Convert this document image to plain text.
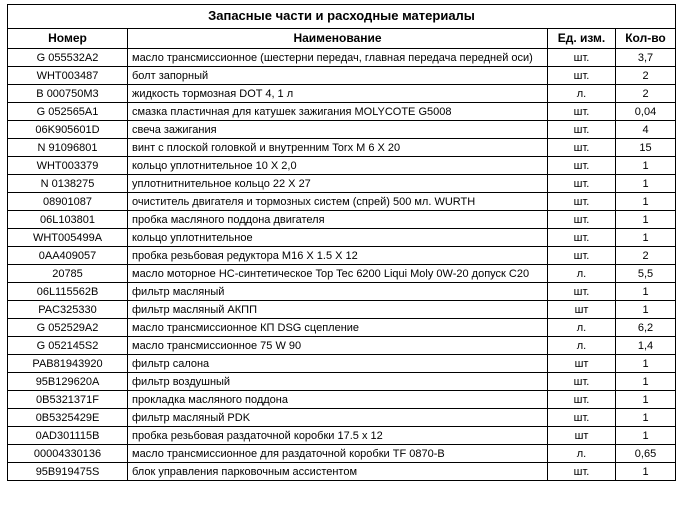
Запасные части и расходные материалы			
Номер	Наименование	Ед. изм.	Кол-во
G 055532A2	масло трансмиссионное (шестерни передач, главная передача передней оси)	шт.	3,7
WHT003487	болт запорный	шт.	2
B 000750M3	жидкость тормозная DOT 4, 1 л	л.	2
G 052565A1	смазка пластичная для катушек зажигания MOLYCOTE G5008	шт.	0,04
06K905601D	свеча зажигания	шт.	4
N 91096801	винт с плоской головкой и внутренним Torx М 6 Х 20	шт.	15
WHT003379	кольцо уплотнительное 10 Х 2,0	шт.	1
N 0138275	уплотнитнительное кольцо 22 Х 27	шт.	1
08901087	очиститель двигателя и тормозных систем (спрей) 500 мл. WURTH	шт.	1
06L103801	пробка масляного поддона двигателя	шт.	1
WHT005499A	кольцо уплотнительное	шт.	1
0AA409057	пробка резьбовая редуктора M16 X 1.5 X 12	шт.	2
20785	масло моторное НС-синтетическое Top Tec 6200 Liqui Moly 0W-20 допуск С20	л.	5,5
06L115562B	фильтр масляный	шт.	1
PAC325330	фильтр масляный АКПП	шт	1
G 052529A2	масло трансмиссионное КП DSG сцепление	л.	6,2
G 052145S2	масло трансмиссионное 75 W 90	л.	1,4
PAB81943920	фильтр салона	шт	1
95B129620A	фильтр воздушный	шт.	1
0B5321371F	прокладка масляного поддона	шт.	1
0B5325429E	фильтр масляный PDK	шт.	1
0AD301115B	пробка резьбовая раздаточной коробки 17.5 х 12	шт	1
00004330136	масло трансмиссионное для раздаточной коробки TF 0870-B	л.	0,65
95B919475S	блок управления парковочным ассистентом	шт.	1
